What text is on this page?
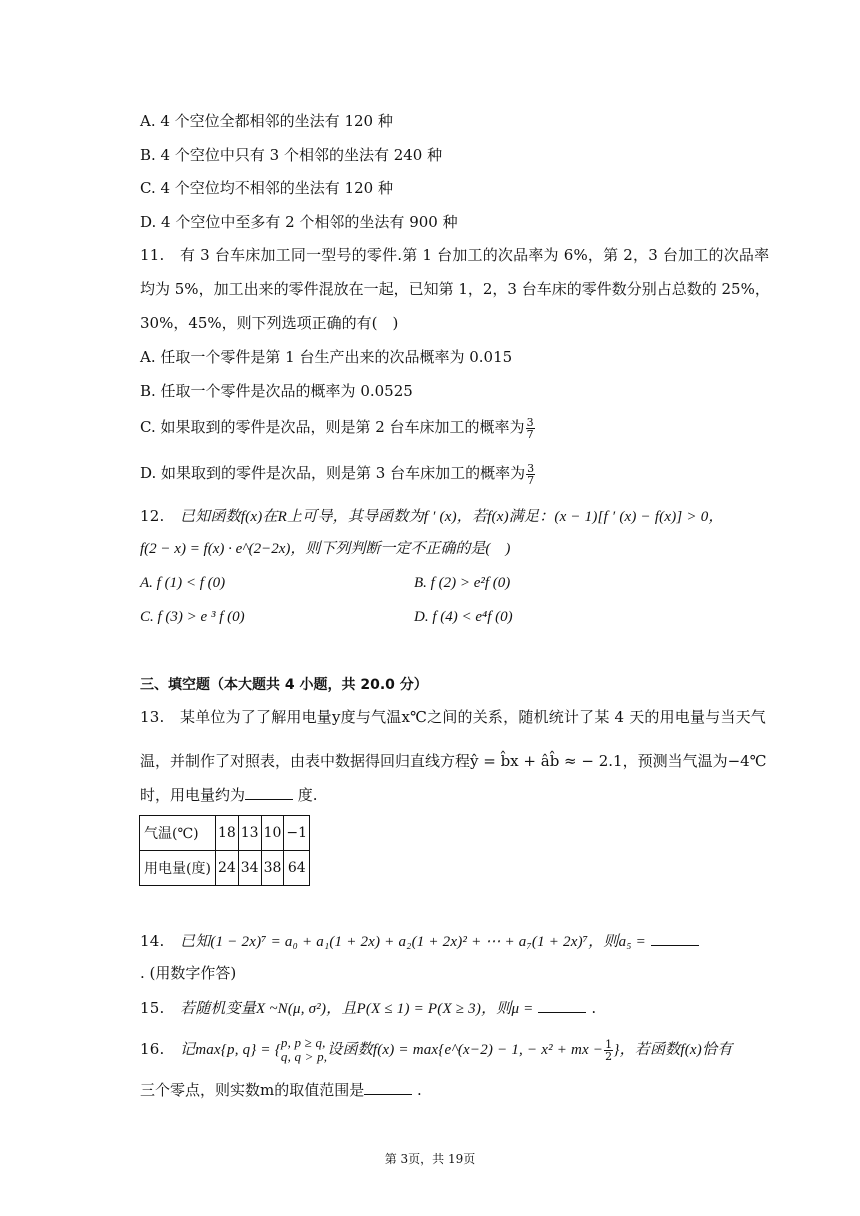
A. 4 个空位全都相邻的坐法有 120 种
B. 4 个空位中只有 3 个相邻的坐法有 240 种
C. 4 个空位均不相邻的坐法有 120 种
D. 4 个空位中至多有 2 个相邻的坐法有 900 种
11. 有 3 台车床加工同一型号的零件.第 1 台加工的次品率为 6%，第 2，3 台加工的次品率
均为 5%，加工出来的零件混放在一起，已知第 1，2，3 台车床的零件数分别占总数的 25%，
30%，45%，则下列选项正确的有(　)
A. 任取一个零件是第 1 台生产出来的次品概率为 0.015
B. 任取一个零件是次品的概率为 0.0525
C. 如果取到的零件是次品，则是第 2 台车床加工的概率为 $\frac{3}{7}$
D. 如果取到的零件是次品，则是第 3 台车床加工的概率为 $\frac{3}{7}$
12. 已知函数f(x)在R上可导，其导函数为f ′ (x)，若f(x)满足：(x − 1)[f ′ (x) − f(x)] > 0，
f(2 − x) = f(x) · e^(2−2x)，则下列判断一定不正确的是(　)
A. f (1) < f (0)	B. f (2) > e²f (0)
C. f (3) > e ³ f (0)	D. f (4) < e⁴f (0)
三、填空题（本大题共 4 小题，共 20.0 分）
13. 某单位为了了解用电量y度与气温x℃之间的关系，随机统计了某 4 天的用电量与当天气
温，并制作了对照表，由表中数据得回归直线方程ŷ = b̂x + âb̂ ≈ − 2.1，预测当气温为−4℃
时，用电量约为	度.
气温(℃)	18	13	10	−1
用电量(度)	24	34	38	64
14. 已知(1 − 2x)⁷ = a₀ + a₁(1 + 2x) + a₂(1 + 2x)² + ⋯ + a₇(1 + 2x)⁷，则a₅ =
. (用数字作答)
15. 若随机变量X ~N(μ, σ²)，且P(X ≤ 1) = P(X ≥ 3)，则μ =	.
16. 记max{p, q} = { p, p ≥ q,
q, q > p, 设函数f(x) = max{e^(x−2) − 1, − x² + mx − $\frac{1}{2}$ }，若函数f(x)恰有
三个零点，则实数m的取值范围是	.
第 3页，共 19页
